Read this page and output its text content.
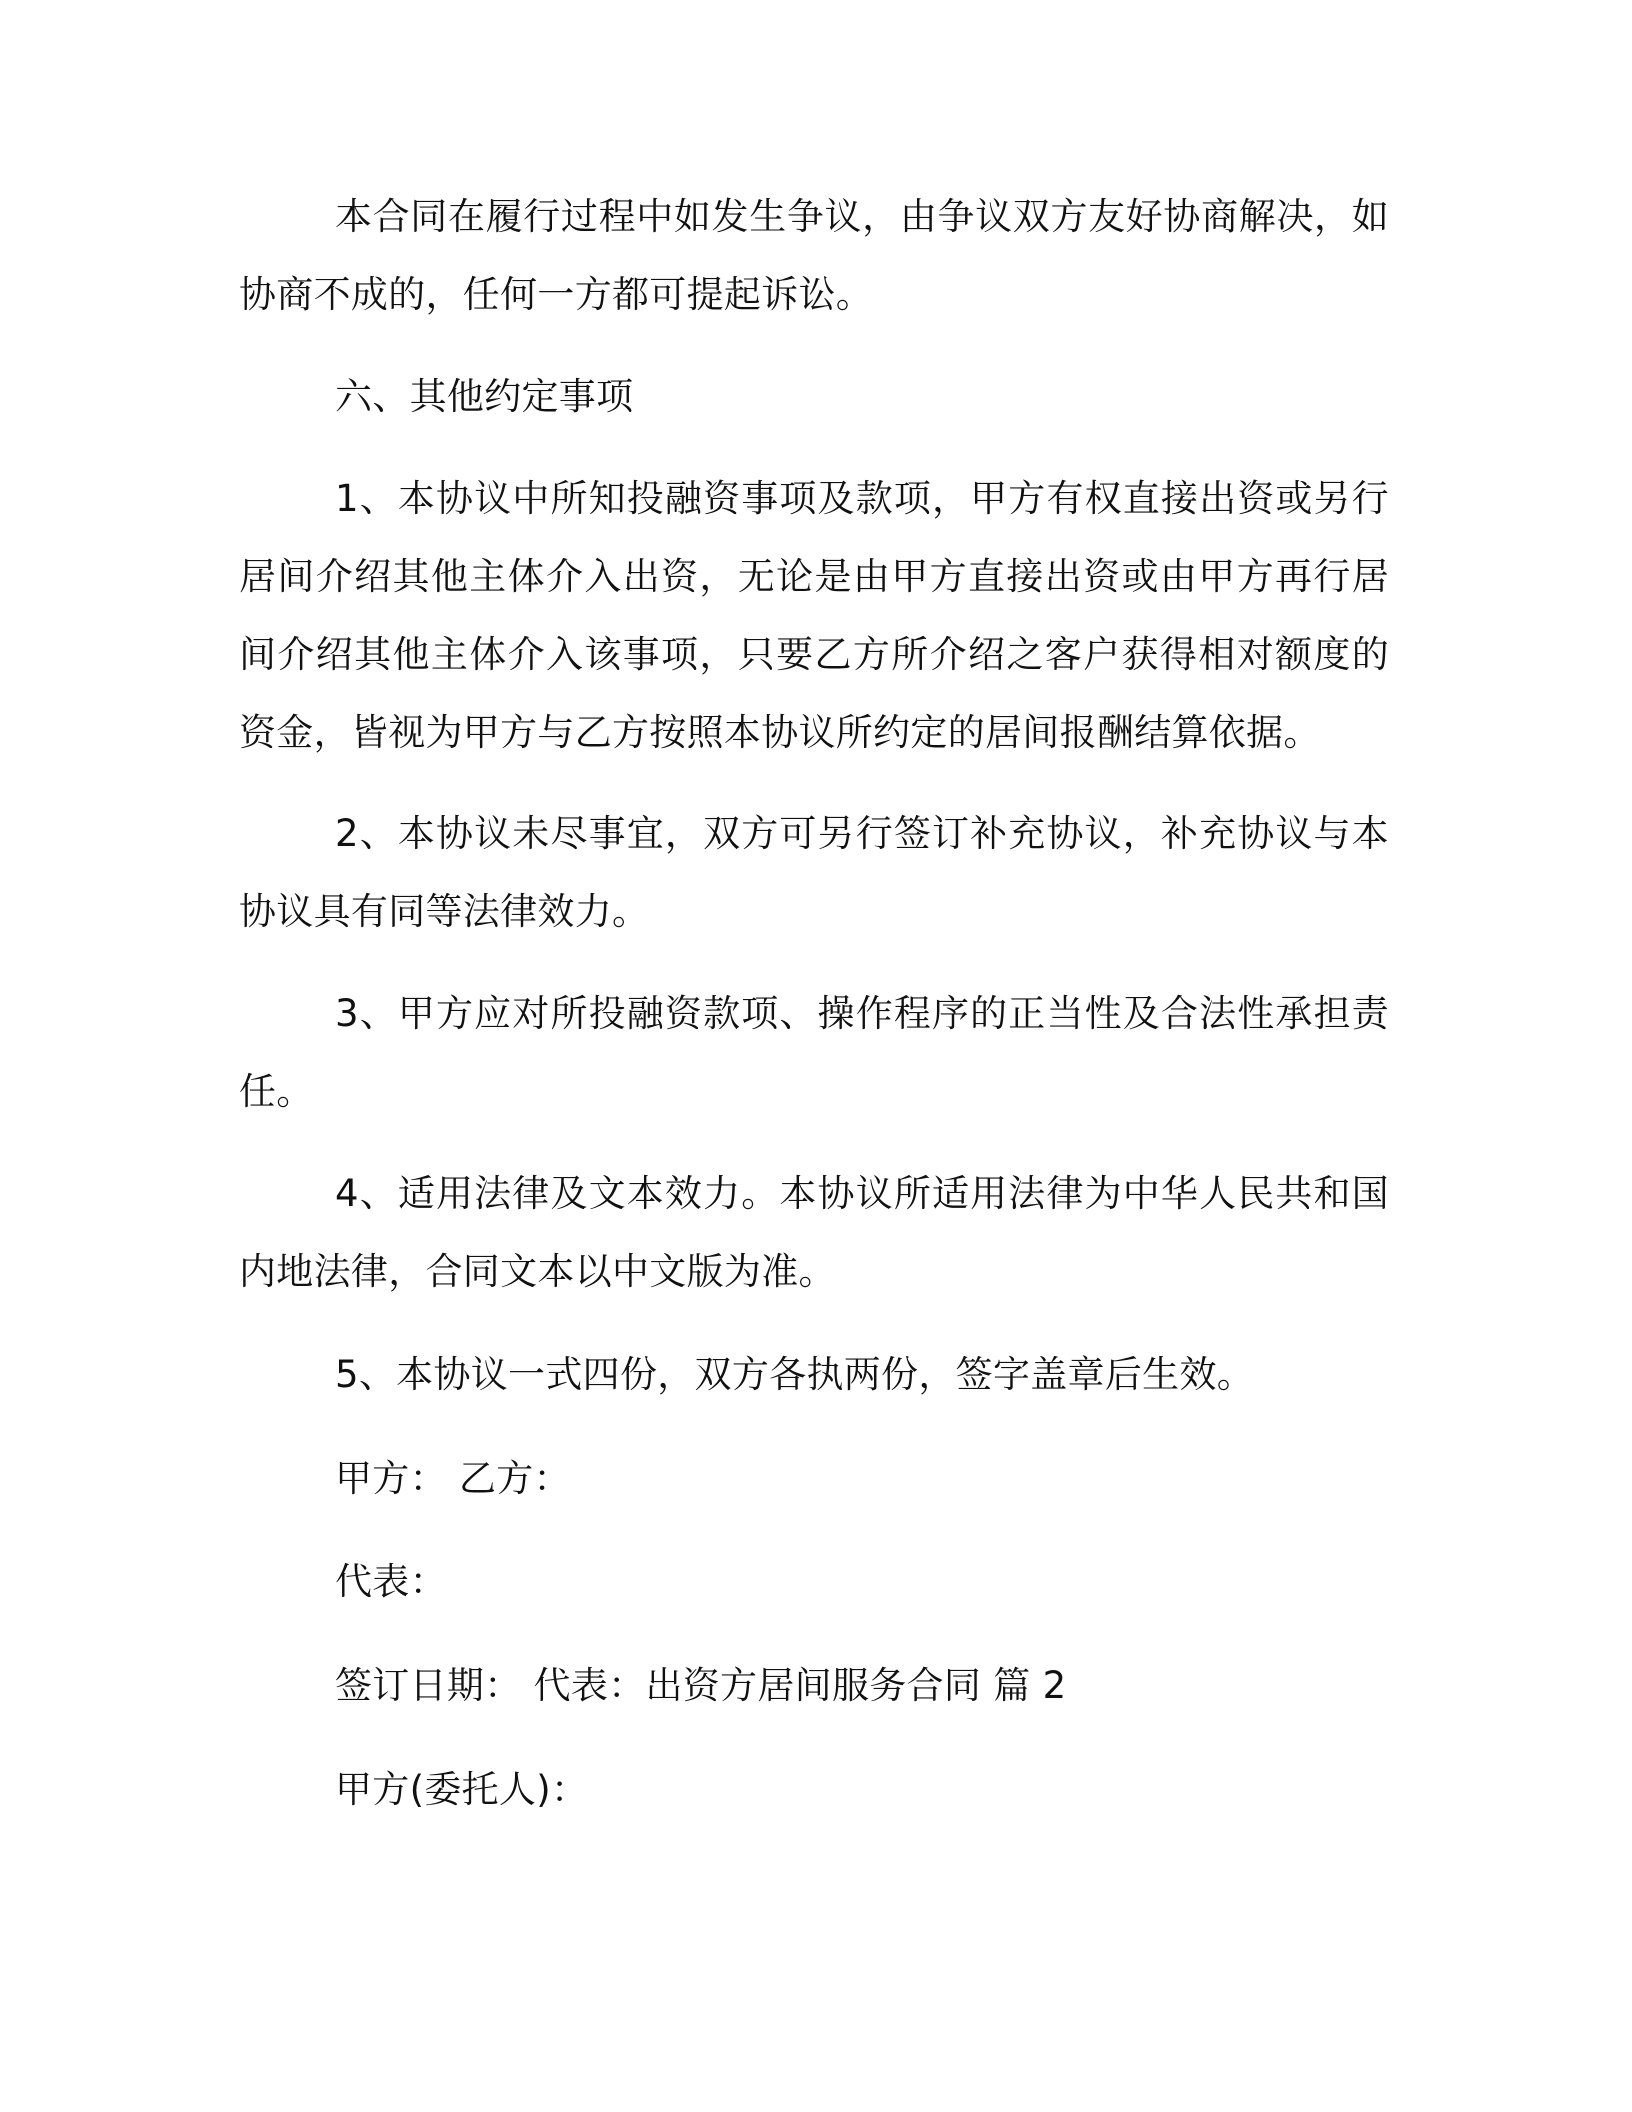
本合同在履行过程中如发生争议，由争议双方友好协商解决，如协商不成的，任何一方都可提起诉讼。

六、其他约定事项

1、本协议中所知投融资事项及款项，甲方有权直接出资或另行居间介绍其他主体介入出资，无论是由甲方直接出资或由甲方再行居间介绍其他主体介入该事项，只要乙方所介绍之客户获得相对额度的资金，皆视为甲方与乙方按照本协议所约定的居间报酬结算依据。

2、本协议未尽事宜，双方可另行签订补充协议，补充协议与本协议具有同等法律效力。

3、甲方应对所投融资款项、操作程序的正当性及合法性承担责任。

4、适用法律及文本效力。本协议所适用法律为中华人民共和国内地法律，合同文本以中文版为准。

5、本协议一式四份，双方各执两份，签字盖章后生效。

甲方： 乙方：

代表：

签订日期： 代表：出资方居间服务合同 篇 2

甲方(委托人)：
